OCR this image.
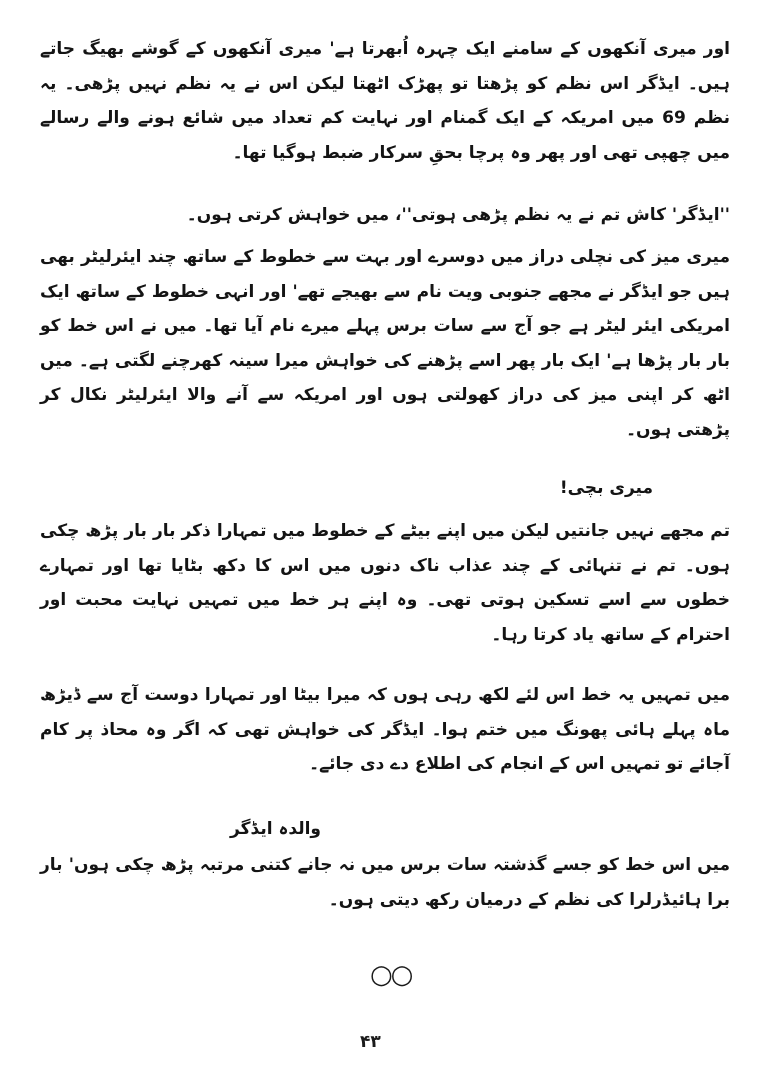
اور میری آنکھوں کے سامنے ایک چہرہ اُبھرتا ہے' میری آنکھوں کے گوشے بھیگ جاتے ہیں۔ ایڈگر اس نظم کو پڑھتا تو پھڑک اٹھتا لیکن اس نے یہ نظم نہیں پڑھی۔ یہ نظم 69 میں امریکہ کے ایک گمنام اور نہایت کم تعداد میں شائع ہونے والے رسالے میں چھپی تھی اور پھر وہ پرچا بحقِ سرکار ضبط ہوگیا تھا۔

''ایڈگر' کاش تم نے یہ نظم پڑھی ہوتی''، میں خواہش کرتی ہوں۔

میری میز کی نچلی دراز میں دوسرے اور بہت سے خطوط کے ساتھ چند ایئرلیٹر بھی ہیں جو ایڈگر نے مجھے جنوبی ویت نام سے بھیجے تھے' اور انہی خطوط کے ساتھ ایک امریکی ایئر لیٹر ہے جو آج سے سات برس پہلے میرے نام آیا تھا۔ میں نے اس خط کو بار بار پڑھا ہے' ایک بار پھر اسے پڑھنے کی خواہش میرا سینہ کھرچنے لگتی ہے۔ میں اٹھ کر اپنی میز کی دراز کھولتی ہوں اور امریکہ سے آنے والا ایئرلیٹر نکال کر پڑھتی ہوں۔

میری بچی!

تم مجھے نہیں جانتیں لیکن میں اپنے بیٹے کے خطوط میں تمہارا ذکر بار بار پڑھ چکی ہوں۔ تم نے تنہائی کے چند عذاب ناک دنوں میں اس کا دکھ بٹایا تھا اور تمہارے خطوں سے اسے تسکین ہوتی تھی۔ وہ اپنے ہر خط میں تمہیں نہایت محبت اور احترام کے ساتھ یاد کرتا رہا۔

میں تمہیں یہ خط اس لئے لکھ رہی ہوں کہ میرا بیٹا اور تمہارا دوست آج سے ڈیڑھ ماہ پہلے ہائی پھونگ میں ختم ہوا۔ ایڈگر کی خواہش تھی کہ اگر وہ محاذ پر کام آجائے تو تمہیں اس کے انجام کی اطلاع دے دی جائے۔

والدہ ایڈگر

میں اس خط کو جسے گذشتہ سات برس میں نہ جانے کتنی مرتبہ پڑھ چکی ہوں' بار برا ہائیڈرلرا کی نظم کے درمیان رکھ دیتی ہوں۔

○○
۴۳
